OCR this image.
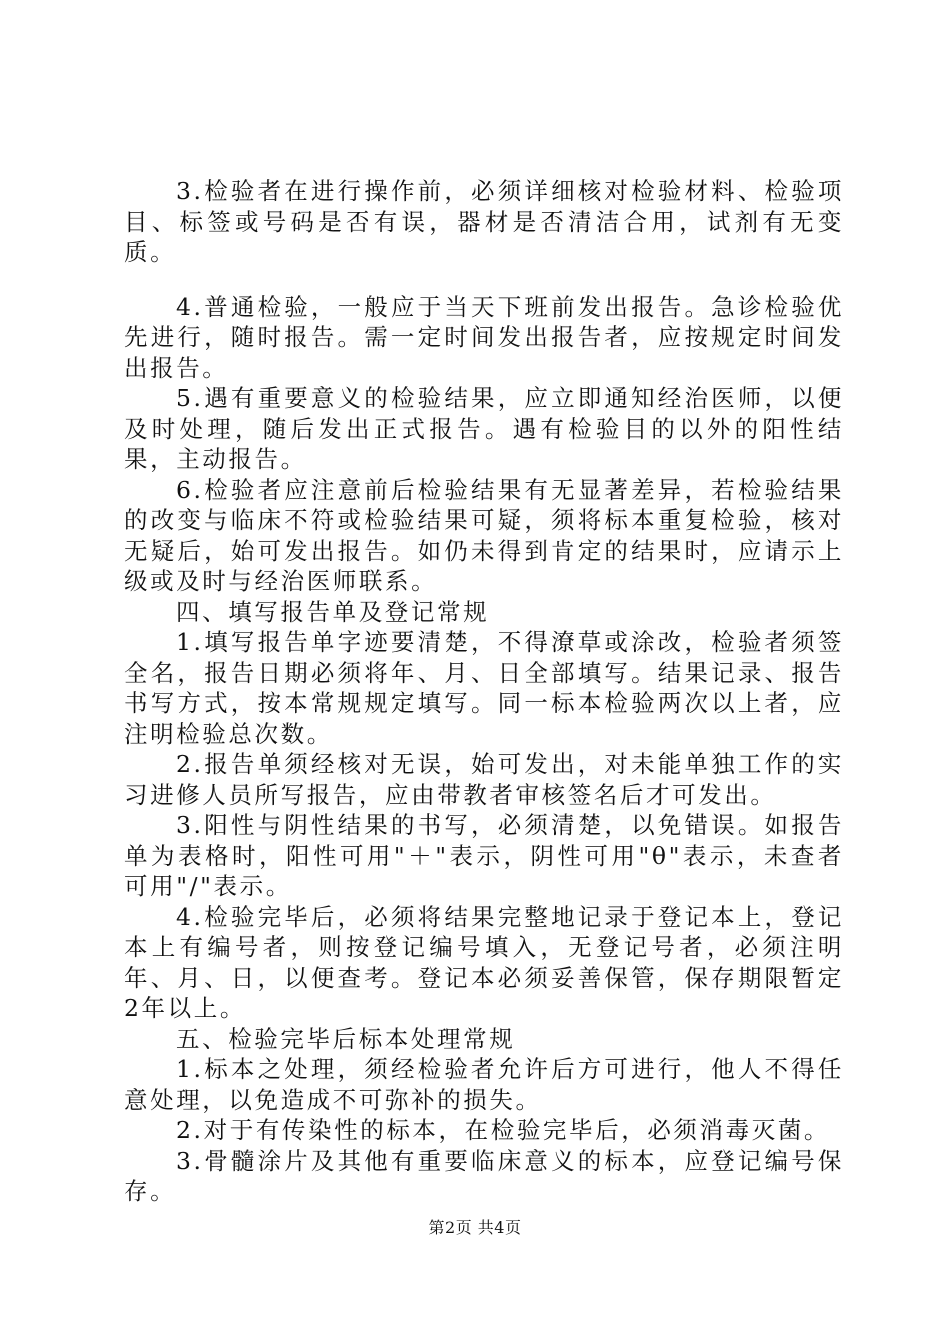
3.检验者在进行操作前，必须详细核对检验材料、检验项目、标签或号码是否有误，器材是否清洁合用，试剂有无变质。

4.普通检验，一般应于当天下班前发出报告。急诊检验优先进行，随时报告。需一定时间发出报告者，应按规定时间发出报告。

5.遇有重要意义的检验结果，应立即通知经治医师，以便及时处理，随后发出正式报告。遇有检验目的以外的阳性结果，主动报告。

6.检验者应注意前后检验结果有无显著差异，若检验结果的改变与临床不符或检验结果可疑，须将标本重复检验，核对无疑后，始可发出报告。如仍未得到肯定的结果时，应请示上级或及时与经治医师联系。

四、填写报告单及登记常规

1.填写报告单字迹要清楚，不得潦草或涂改，检验者须签全名，报告日期必须将年、月、日全部填写。结果记录、报告书写方式，按本常规规定填写。同一标本检验两次以上者，应注明检验总次数。

2.报告单须经核对无误，始可发出，对未能单独工作的实习进修人员所写报告，应由带教者审核签名后才可发出。

3.阳性与阴性结果的书写，必须清楚，以免错误。如报告单为表格时，阳性可用"＋"表示，阴性可用"θ"表示，未查者可用"/"表示。

4.检验完毕后，必须将结果完整地记录于登记本上，登记本上有编号者，则按登记编号填入，无登记号者，必须注明年、月、日，以便查考。登记本必须妥善保管，保存期限暂定2年以上。

五、检验完毕后标本处理常规

1.标本之处理，须经检验者允许后方可进行，他人不得任意处理，以免造成不可弥补的损失。

2.对于有传染性的标本，在检验完毕后，必须消毒灭菌。

3.骨髓涂片及其他有重要临床意义的标本，应登记编号保存。

第2页 共4页
